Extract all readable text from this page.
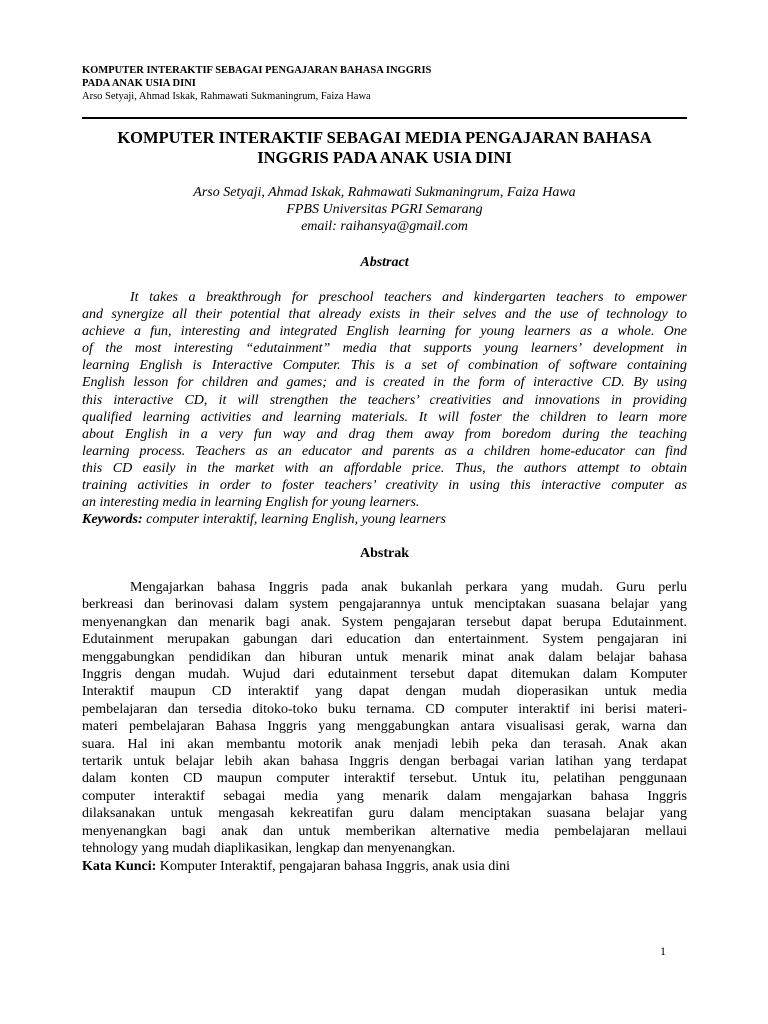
KOMPUTER INTERAKTIF SEBAGAI PENGAJARAN BAHASA INGGRIS

PADA ANAK USIA DINI

Arso Setyaji, Ahmad Iskak, Rahmawati Sukmaningrum, Faiza Hawa

KOMPUTER INTERAKTIF SEBAGAI MEDIA PENGAJARAN BAHASA
INGGRIS PADA ANAK USIA DINI
Arso Setyaji, Ahmad Iskak, Rahmawati Sukmaningrum, Faiza Hawa
FPBS Universitas PGRI Semarang
email: raihansya@gmail.com
Abstract
It takes a breakthrough for preschool teachers and kindergarten teachers to empower
and synergize all their potential that already exists in their selves and the use of technology to
achieve a fun, interesting and integrated English learning for young learners as a whole. One
of the most interesting “edutainment” media that supports young learners’ development in
learning English is Interactive Computer. This is a set of combination of software containing
English lesson for children and games; and is created in the form of interactive CD. By using
this interactive CD, it will strengthen the teachers’ creativities and innovations in providing
qualified learning activities and learning materials. It will foster the children to learn more
about English in a very fun way and drag them away from boredom during the teaching
learning process. Teachers as an educator and parents as a children home-educator can find
this CD easily in the market with an affordable price. Thus, the authors attempt to obtain
training activities in order to foster teachers’ creativity in using this interactive computer as
an interesting media in learning English for young learners.
Keywords: computer interaktif, learning English, young learners
Abstrak
Mengajarkan bahasa Inggris pada anak bukanlah perkara yang mudah. Guru perlu
berkreasi dan berinovasi dalam system pengajarannya untuk menciptakan suasana belajar yang
menyenangkan dan menarik bagi anak. System pengajaran tersebut dapat berupa Edutainment.
Edutainment merupakan gabungan dari education dan entertainment. System pengajaran ini
menggabungkan pendidikan dan hiburan untuk menarik minat anak dalam belajar bahasa
Inggris dengan mudah. Wujud dari edutainment tersebut dapat ditemukan dalam Komputer
Interaktif maupun CD interaktif yang dapat dengan mudah dioperasikan untuk media
pembelajaran dan tersedia ditoko-toko buku ternama. CD computer interaktif ini berisi materi-
materi pembelajaran Bahasa Inggris yang menggabungkan antara visualisasi gerak, warna dan
suara. Hal ini akan membantu motorik anak menjadi lebih peka dan terasah. Anak akan
tertarik untuk belajar lebih akan bahasa Inggris dengan berbagai varian latihan yang terdapat
dalam konten CD maupun computer interaktif tersebut. Untuk itu, pelatihan penggunaan
computer interaktif sebagai media yang menarik dalam mengajarkan bahasa Inggris
dilaksanakan untuk mengasah kekreatifan guru dalam menciptakan suasana belajar yang
menyenangkan bagi anak dan untuk memberikan alternative media pembelajaran mellaui
tehnology yang mudah diaplikasikan, lengkap dan menyenangkan.
Kata Kunci: Komputer Interaktif, pengajaran bahasa Inggris, anak usia dini
1
